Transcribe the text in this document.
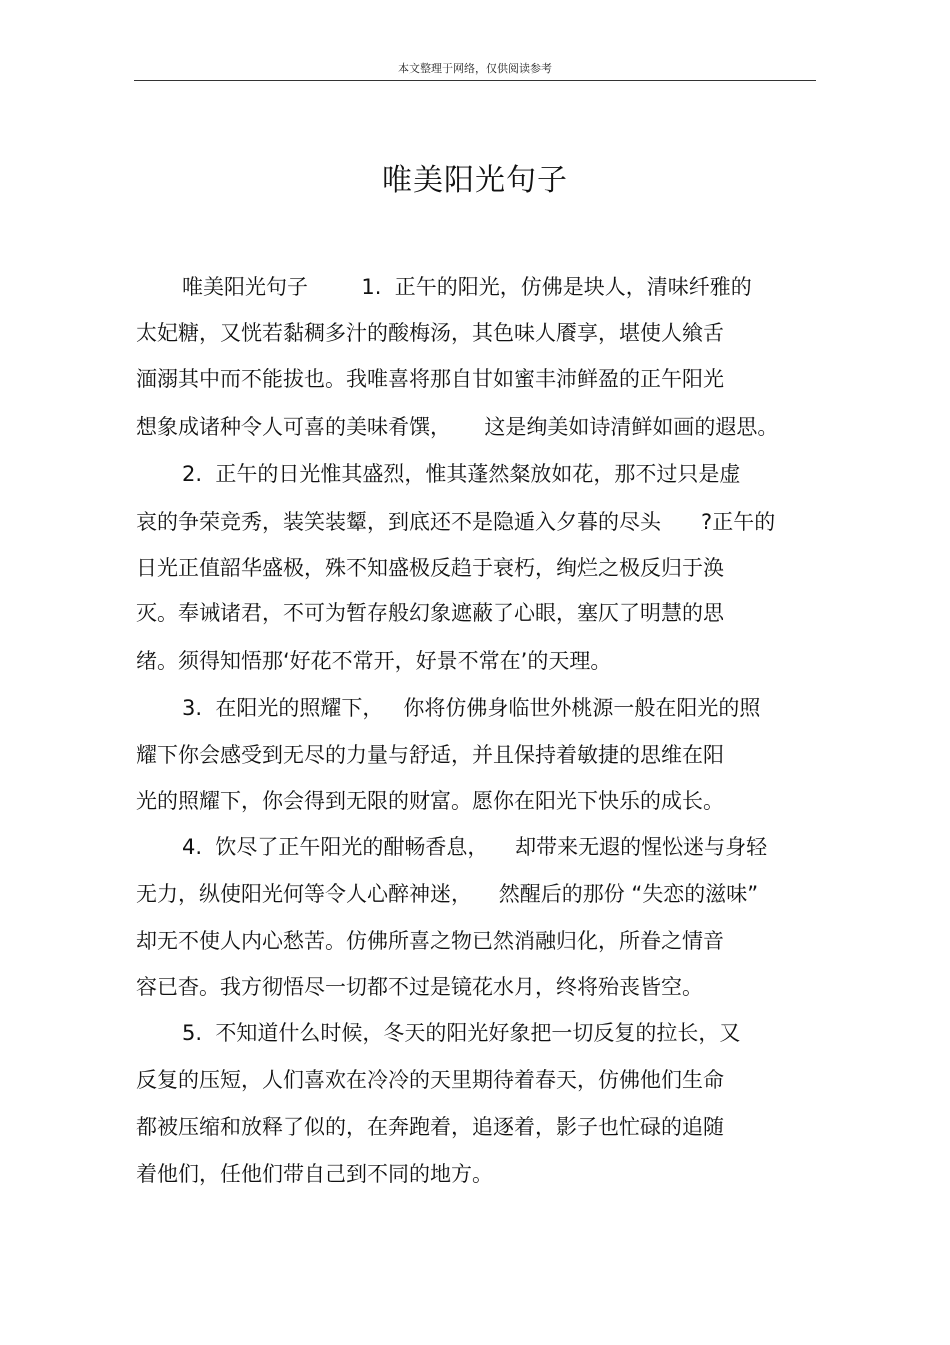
本文整理于网络，仅供阅读参考
唯美阳光句子
唯美阳光句子        1.  正午的阳光，仿佛是块人，清味纤雅的
太妃糖，又恍若黏稠多汁的酸梅汤，其色味人餍享，堪使人飨舌
湎溺其中而不能拔也。我唯喜将那自甘如蜜丰沛鲜盈的正午阳光
想象成诸种令人可喜的美味肴馔，     这是绚美如诗清鲜如画的遐思。
2.  正午的日光惟其盛烈，惟其蓬然粲放如花，那不过只是虚
哀的争荣竞秀，装笑装颦，到底还不是隐遁入夕暮的尽头      ?正午的
日光正值韶华盛极，殊不知盛极反趋于衰朽，绚烂之极反归于涣
灭。奉诫诸君，不可为暂存般幻象遮蔽了心眼，塞仄了明慧的思
绪。须得知悟那‘好花不常开，好景不常在’的天理。
3.  在阳光的照耀下，   你将仿佛身临世外桃源一般在阳光的照
耀下你会感受到无尽的力量与舒适，并且保持着敏捷的思维在阳
光的照耀下，你会得到无限的财富。愿你在阳光下快乐的成长。
4.  饮尽了正午阳光的酣畅香息，    却带来无遐的惺忪迷与身轻
无力，纵使阳光何等令人心醉神迷，    然醒后的那份 “失恋的滋味”
却无不使人内心愁苦。仿佛所喜之物已然消融归化，所眷之情音
容已杳。我方彻悟尽一切都不过是镜花水月，终将殆丧皆空。
5.  不知道什么时候，冬天的阳光好象把一切反复的拉长，又
反复的压短，人们喜欢在冷冷的天里期待着春天，仿佛他们生命
都被压缩和放释了似的，在奔跑着，追逐着，影子也忙碌的追随
着他们，任他们带自己到不同的地方。
